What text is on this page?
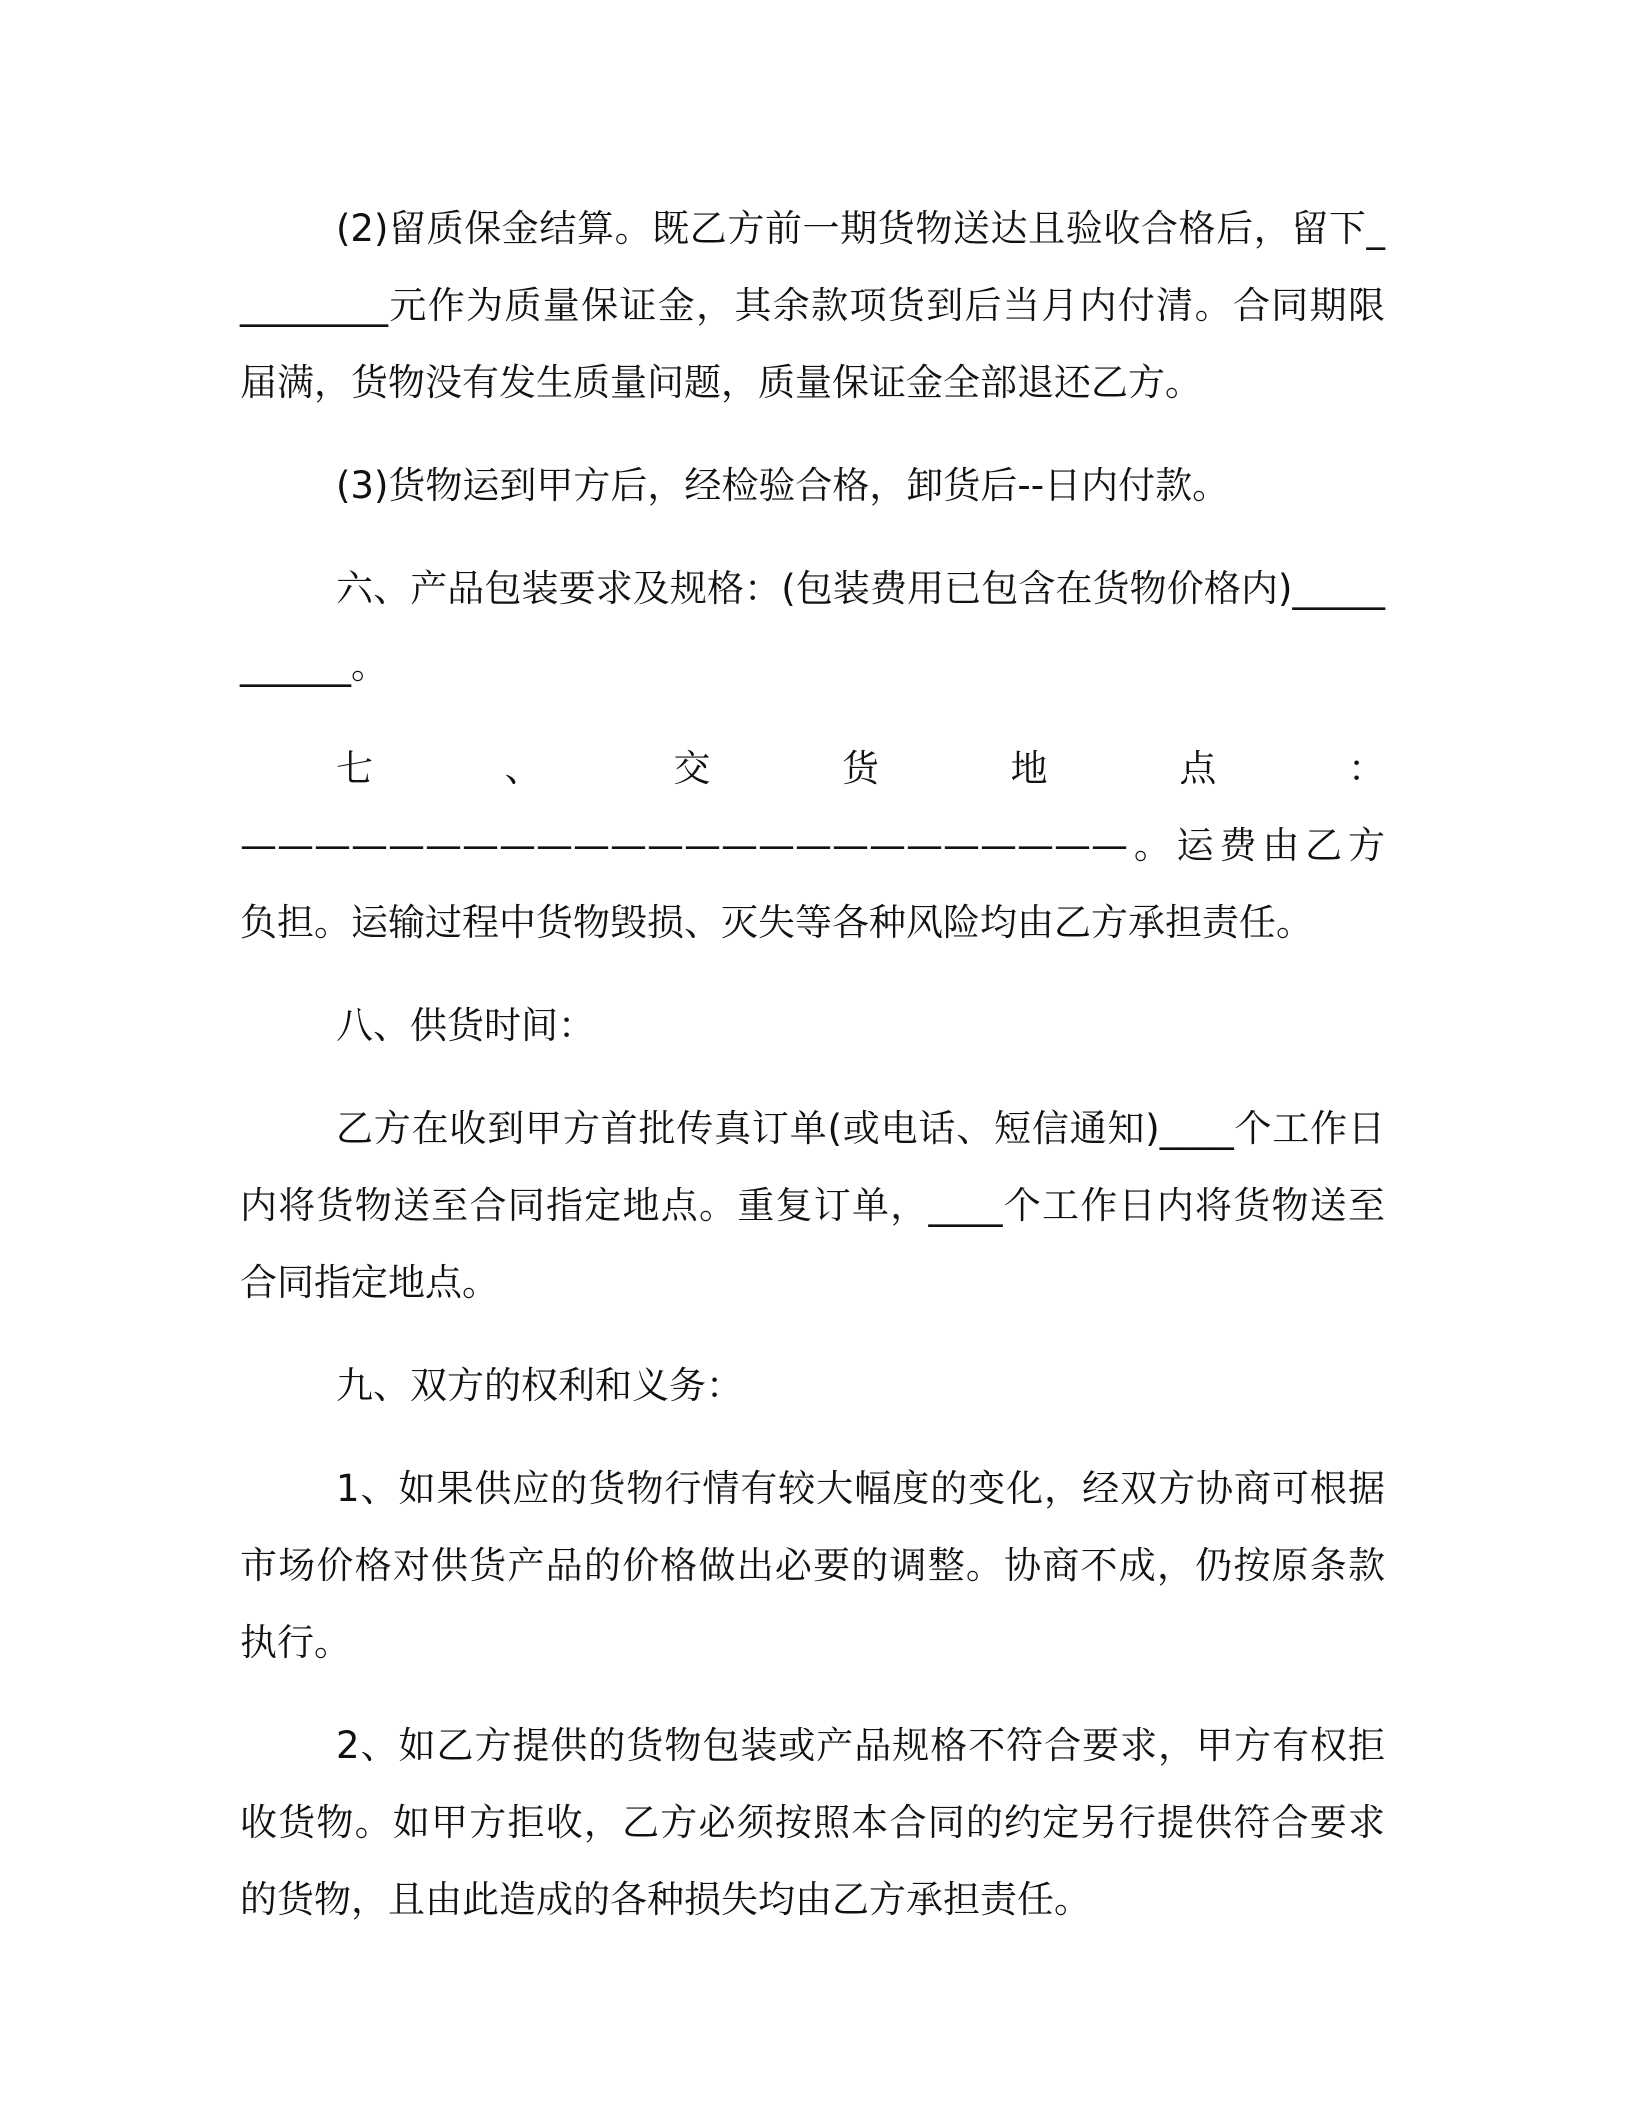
(2)留质保金结算。既乙方前一期货物送达且验收合格后，留下_________元作为质量保证金，其余款项货到后当月内付清。合同期限届满，货物没有发生质量问题，质量保证金全部退还乙方。

(3)货物运到甲方后，经检验合格，卸货后--日内付款。

六、产品包装要求及规格：(包装费用已包含在货物价格内)___________。

七、交货地点：————————————————————————。运费由乙方负担。运输过程中货物毁损、灭失等各种风险均由乙方承担责任。

八、供货时间：

乙方在收到甲方首批传真订单(或电话、短信通知)____个工作日内将货物送至合同指定地点。重复订单，____个工作日内将货物送至合同指定地点。

九、双方的权利和义务：

1、如果供应的货物行情有较大幅度的变化，经双方协商可根据市场价格对供货产品的价格做出必要的调整。协商不成，仍按原条款执行。

2、如乙方提供的货物包装或产品规格不符合要求，甲方有权拒收货物。如甲方拒收，乙方必须按照本合同的约定另行提供符合要求的货物，且由此造成的各种损失均由乙方承担责任。
